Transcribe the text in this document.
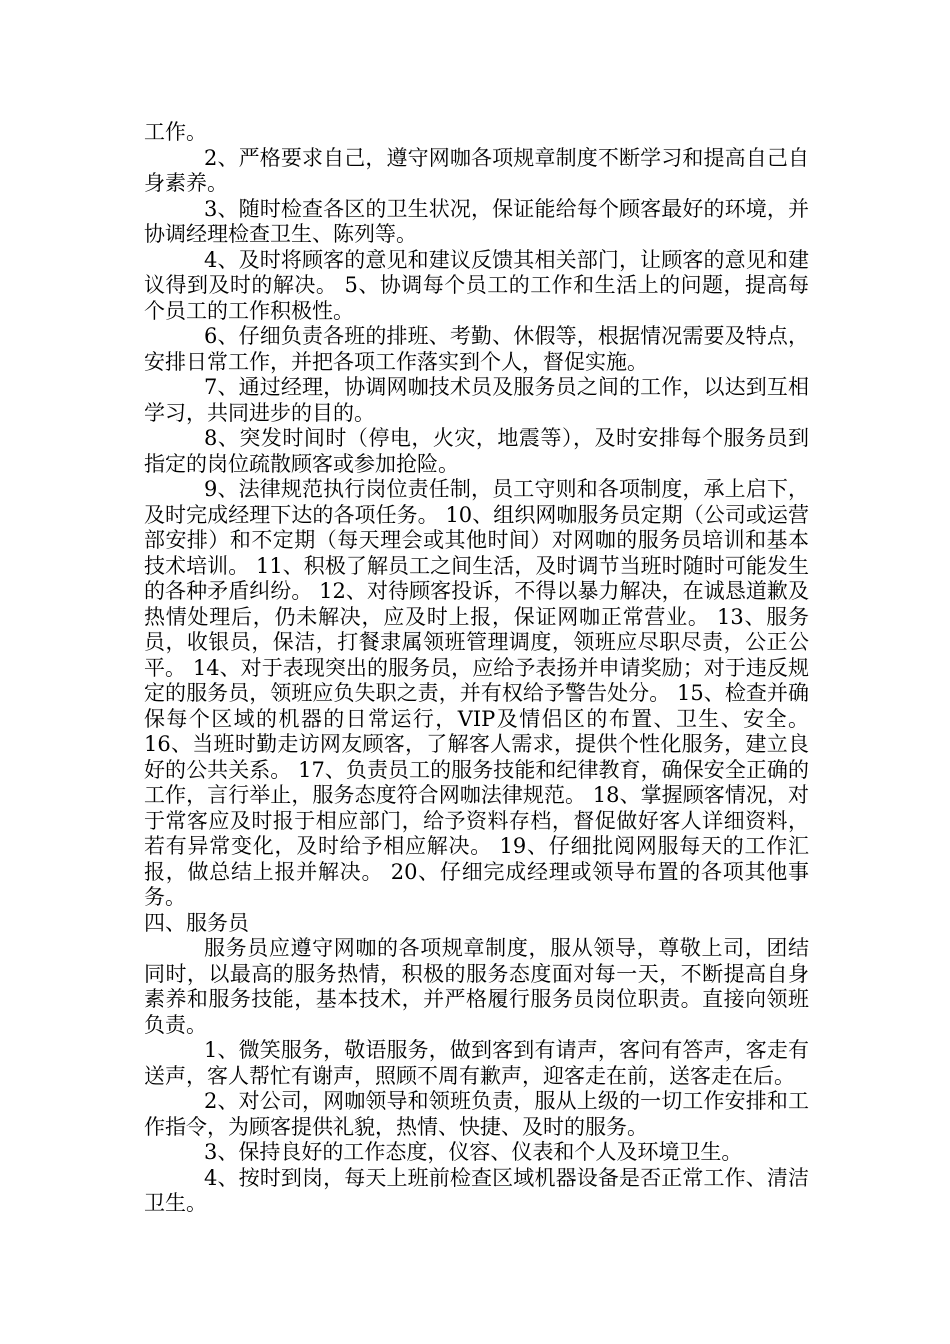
工作。

2、严格要求自己，遵守网咖各项规章制度不断学习和提高自己自身素养。

3、随时检查各区的卫生状况，保证能给每个顾客最好的环境，并协调经理检查卫生、陈列等。

4、及时将顾客的意见和建议反馈其相关部门，让顾客的意见和建议得到及时的解决。 5、协调每个员工的工作和生活上的问题，提高每个员工的工作积极性。

6、仔细负责各班的排班、考勤、休假等，根据情况需要及特点，安排日常工作，并把各项工作落实到个人，督促实施。

7、通过经理，协调网咖技术员及服务员之间的工作，以达到互相学习，共同进步的目的。

8、突发时间时（停电，火灾，地震等），及时安排每个服务员到指定的岗位疏散顾客或参加抢险。

9、法律规范执行岗位责任制，员工守则和各项制度，承上启下，及时完成经理下达的各项任务。 10、组织网咖服务员定期（公司或运营部安排）和不定期（每天理会或其他时间）对网咖的服务员培训和基本技术培训。 11、积极了解员工之间生活，及时调节当班时随时可能发生的各种矛盾纠纷。 12、对待顾客投诉，不得以暴力解决，在诚恳道歉及热情处理后，仍未解决，应及时上报，保证网咖正常营业。 13、服务员，收银员，保洁，打餐隶属领班管理调度，领班应尽职尽责，公正公平。 14、对于表现突出的服务员，应给予表扬并申请奖励；对于违反规定的服务员，领班应负失职之责，并有权给予警告处分。 15、检查并确保每个区域的机器的日常运行，VIP及情侣区的布置、卫生、安全。 16、当班时勤走访网友顾客，了解客人需求，提供个性化服务，建立良好的公共关系。 17、负责员工的服务技能和纪律教育，确保安全正确的工作，言行举止，服务态度符合网咖法律规范。 18、掌握顾客情况，对于常客应及时报于相应部门，给予资料存档，督促做好客人详细资料，若有异常变化，及时给予相应解决。 19、仔细批阅网服每天的工作汇报，做总结上报并解决。 20、仔细完成经理或领导布置的各项其他事务。

四、服务员

服务员应遵守网咖的各项规章制度，服从领导，尊敬上司，团结同时，以最高的服务热情，积极的服务态度面对每一天，不断提高自身素养和服务技能，基本技术，并严格履行服务员岗位职责。直接向领班负责。

1、微笑服务，敬语服务，做到客到有请声，客问有答声，客走有送声，客人帮忙有谢声，照顾不周有歉声，迎客走在前，送客走在后。

2、对公司，网咖领导和领班负责，服从上级的一切工作安排和工作指令，为顾客提供礼貌，热情、快捷、及时的服务。

3、保持良好的工作态度，仪容、仪表和个人及环境卫生。

4、按时到岗，每天上班前检查区域机器设备是否正常工作、清洁卫生。
